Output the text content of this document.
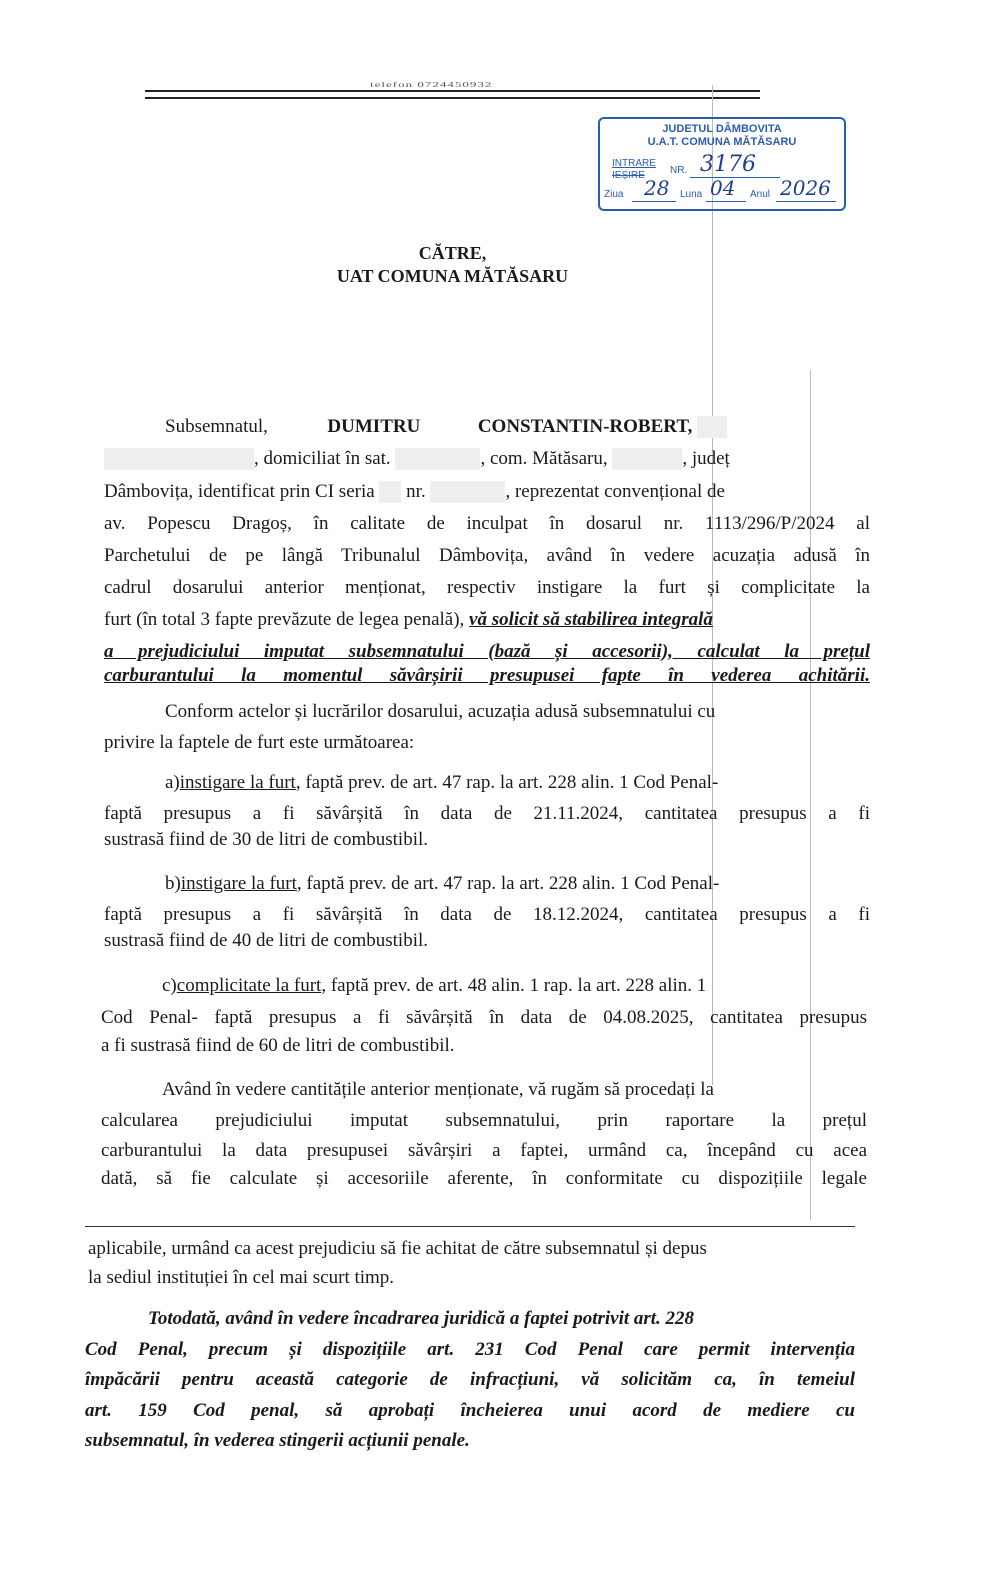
telefon 0724450932
JUDETUL DÂMBOVITA
U.A.T. COMUNA MĂTĂSARU
INTRARE
IEȘIRE	NR. 3176
Ziua 28 Luna 04 Anul 2026
CĂTRE,
UAT COMUNA MĂTĂSARU
Subsemnatul,	DUMITRU	CONSTANTIN-ROBERT, x
x	, domiciliat în sat. x	, com. Mătăsaru, x	, județ
Dâmbovița, identificat prin CI seria x nr. x	, reprezentat convențional de
av. Popescu Dragoș, în calitate de inculpat în dosarul nr. 1113/296/P/2024 al
Parchetului de pe lângă Tribunalul Dâmbovița, având în vedere acuzația adusă în
cadrul dosarului anterior menționat, respectiv instigare la furt și complicitate la
furt (în total 3 fapte prevăzute de legea penală), vă solicit să stabilirea integrală
a prejudiciului imputat subsemnatului (bază și accesorii), calculat la prețul
carburantului la momentul săvârșirii presupusei fapte în vederea achitării.
Conform actelor și lucrărilor dosarului, acuzația adusă subsemnatului cu
privire la faptele de furt este următoarea:
a)instigare la furt, faptă prev. de art. 47 rap. la art. 228 alin. 1 Cod Penal-
faptă presupus a fi săvârșită în data de 21.11.2024, cantitatea presupus a fi
sustrasă fiind de 30 de litri de combustibil.
b)instigare la furt, faptă prev. de art. 47 rap. la art. 228 alin. 1 Cod Penal-
faptă presupus a fi săvârșită în data de 18.12.2024, cantitatea presupus a fi
sustrasă fiind de 40 de litri de combustibil.
c)complicitate la furt, faptă prev. de art. 48 alin. 1 rap. la art. 228 alin. 1
Cod Penal- faptă presupus a fi săvârșită în data de 04.08.2025, cantitatea presupus
a fi sustrasă fiind de 60 de litri de combustibil.
Având în vedere cantitățile anterior menționate, vă rugăm să procedați la
calcularea prejudiciului imputat subsemnatului, prin raportare la prețul
carburantului la data presupusei săvârșiri a faptei, urmând ca, începând cu acea
dată, să fie calculate și accesoriile aferente, în conformitate cu dispozițiile legale
aplicabile, urmând ca acest prejudiciu să fie achitat de către subsemnatul și depus
la sediul instituției în cel mai scurt timp.
Totodată, având în vedere încadrarea juridică a faptei potrivit art. 228
Cod Penal, precum și dispozițiile art. 231 Cod Penal care permit intervenția
împăcării pentru această categorie de infracțiuni, vă solicităm ca, în temeiul
art. 159 Cod penal, să aprobați încheierea unui acord de mediere cu
subsemnatul, în vederea stingerii acțiunii penale.
